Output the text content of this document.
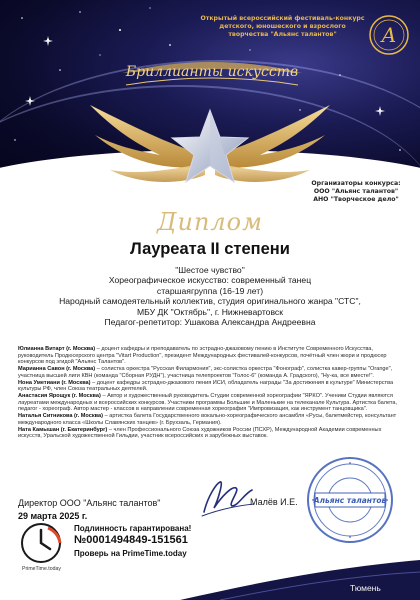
Открытый всероссийский фестиваль-конкурс
детского, юношеского и взрослого
творчества "Альянс талантов"	A
Бриллианты искусств
Организаторы конкурса:
ООО "Альянс талантов"
АНО "Творческое дело"
Диплом
Лауреата II степени
"Шестое чувство"
Хореографическое искусство: современный танец
старшаягруппа (16-19 лет)
Народный самодеятельный коллектив, студия оригинального жанра "СТС",
МБУ ДК "Октябрь", г. Нижневартовск
Педагог-репетитор: Ушакова Александра Андреевна

Юлианна Витарт (г. Москва) – доцент кафедры и преподаватель по эстрадно-джазовому пению в Институте Современного Искусства, руководитель Продюсерского центра "Vitart Production", президент Международных фестивалей-конкурсов, почётный член жюри и продюсер конкурсов под эгидой "Альянс Талантов".

Марианна Савон (г. Москва) – солистка оркестра "Русская Филармония", экс-солистка оркестра "Фонограф", солистка кавер-группы "Orange", участница высшей лиги КВН (команда "Сборная РУДН"), участница телепроектов "Голос-6" (команда А. Градского), "Ну-ка, все вместе!".

Нона Уметиани (г. Москва) – доцент кафедры эстрадно-джазового пения ИСИ, обладатель награды "За достижения в культуре" Министерства культуры РФ, член Союза театральных деятелей.

Анастасия Ярощук (г. Москва) – Автор и художественный руководитель Студии современной хореографии "ЯРКО". Ученики Студии являются лауреатами международных и всероссийских конкурсов. Участники программы Большие и Маленькие на телеканале Культура. Артистка балета, педагог - хореограф. Автор мастер - классов в направлении современная хореография "Импровизация, как инструмент танцовщика".

Наталья Ситникова (г. Москва) – артистка балета Государственного вокально-хореографического ансамбля «Русы, балетмейстер, консультант международного класса «Школы Славянских танцев» (г. Брухзаль, Германия).

Ната Камышан (г. Екатеринбург) – член Профессионального Союза художников России (ПСХР), Международной Академии современных искусств, Уральской художественной Гильдии, участник всероссийских и зарубежных выставок.

Директор ООО "Альянс талантов"
29 марта 2025 г.
Малёв И.Е. Альянс талантов
PrimeTime.today
Подлинность гарантирована!
№0001494849-151561
Проверь на PrimeTime.today
Тюмень
